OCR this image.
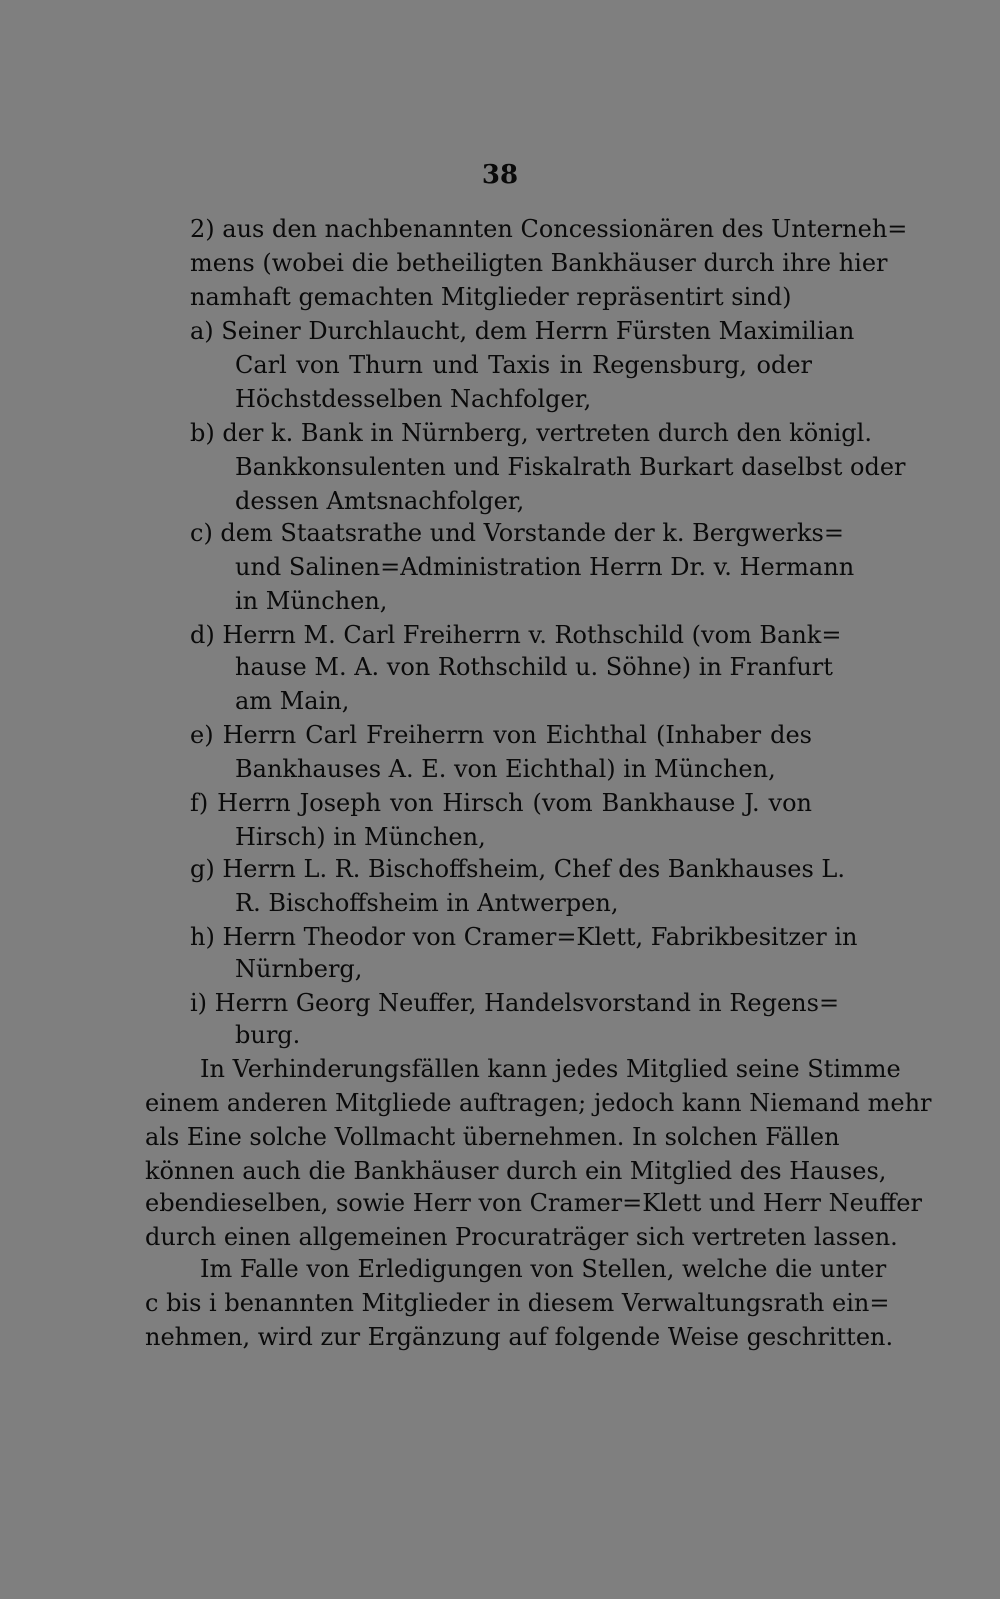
38
2) aus den nachbenannten Concessionären des Unterneh=
mens (wobei die betheiligten Bankhäuser durch ihre hier
namhaft gemachten Mitglieder repräsentirt sind)
a) Seiner Durchlaucht, dem Herrn Fürsten Maximilian
Carl von Thurn und Taxis in Regensburg, oder
Höchstdesselben Nachfolger,
b) der k. Bank in Nürnberg, vertreten durch den königl.
Bankkonsulenten und Fiskalrath Burkart daselbst oder
dessen Amtsnachfolger,
c) dem Staatsrathe und Vorstande der k. Bergwerks=
und Salinen=Administration Herrn Dr. v. Hermann
in München,
d) Herrn M. Carl Freiherrn v. Rothschild (vom Bank=
hause M. A. von Rothschild u. Söhne) in Franfurt
am Main,
e) Herrn Carl Freiherrn von Eichthal (Inhaber des
Bankhauses A. E. von Eichthal) in München,
f) Herrn Joseph von Hirsch (vom Bankhause J. von
Hirsch) in München,
g) Herrn L. R. Bischoffsheim, Chef des Bankhauses L.
R. Bischoffsheim in Antwerpen,
h) Herrn Theodor von Cramer=Klett, Fabrikbesitzer in
Nürnberg,
i) Herrn Georg Neuffer, Handelsvorstand in Regens=
burg.
In Verhinderungsfällen kann jedes Mitglied seine Stimme
einem anderen Mitgliede auftragen; jedoch kann Niemand mehr
als Eine solche Vollmacht übernehmen. In solchen Fällen
können auch die Bankhäuser durch ein Mitglied des Hauses,
ebendieselben, sowie Herr von Cramer=Klett und Herr Neuffer
durch einen allgemeinen Procuraträger sich vertreten lassen.
Im Falle von Erledigungen von Stellen, welche die unter
c bis i benannten Mitglieder in diesem Verwaltungsrath ein=
nehmen, wird zur Ergänzung auf folgende Weise geschritten.
